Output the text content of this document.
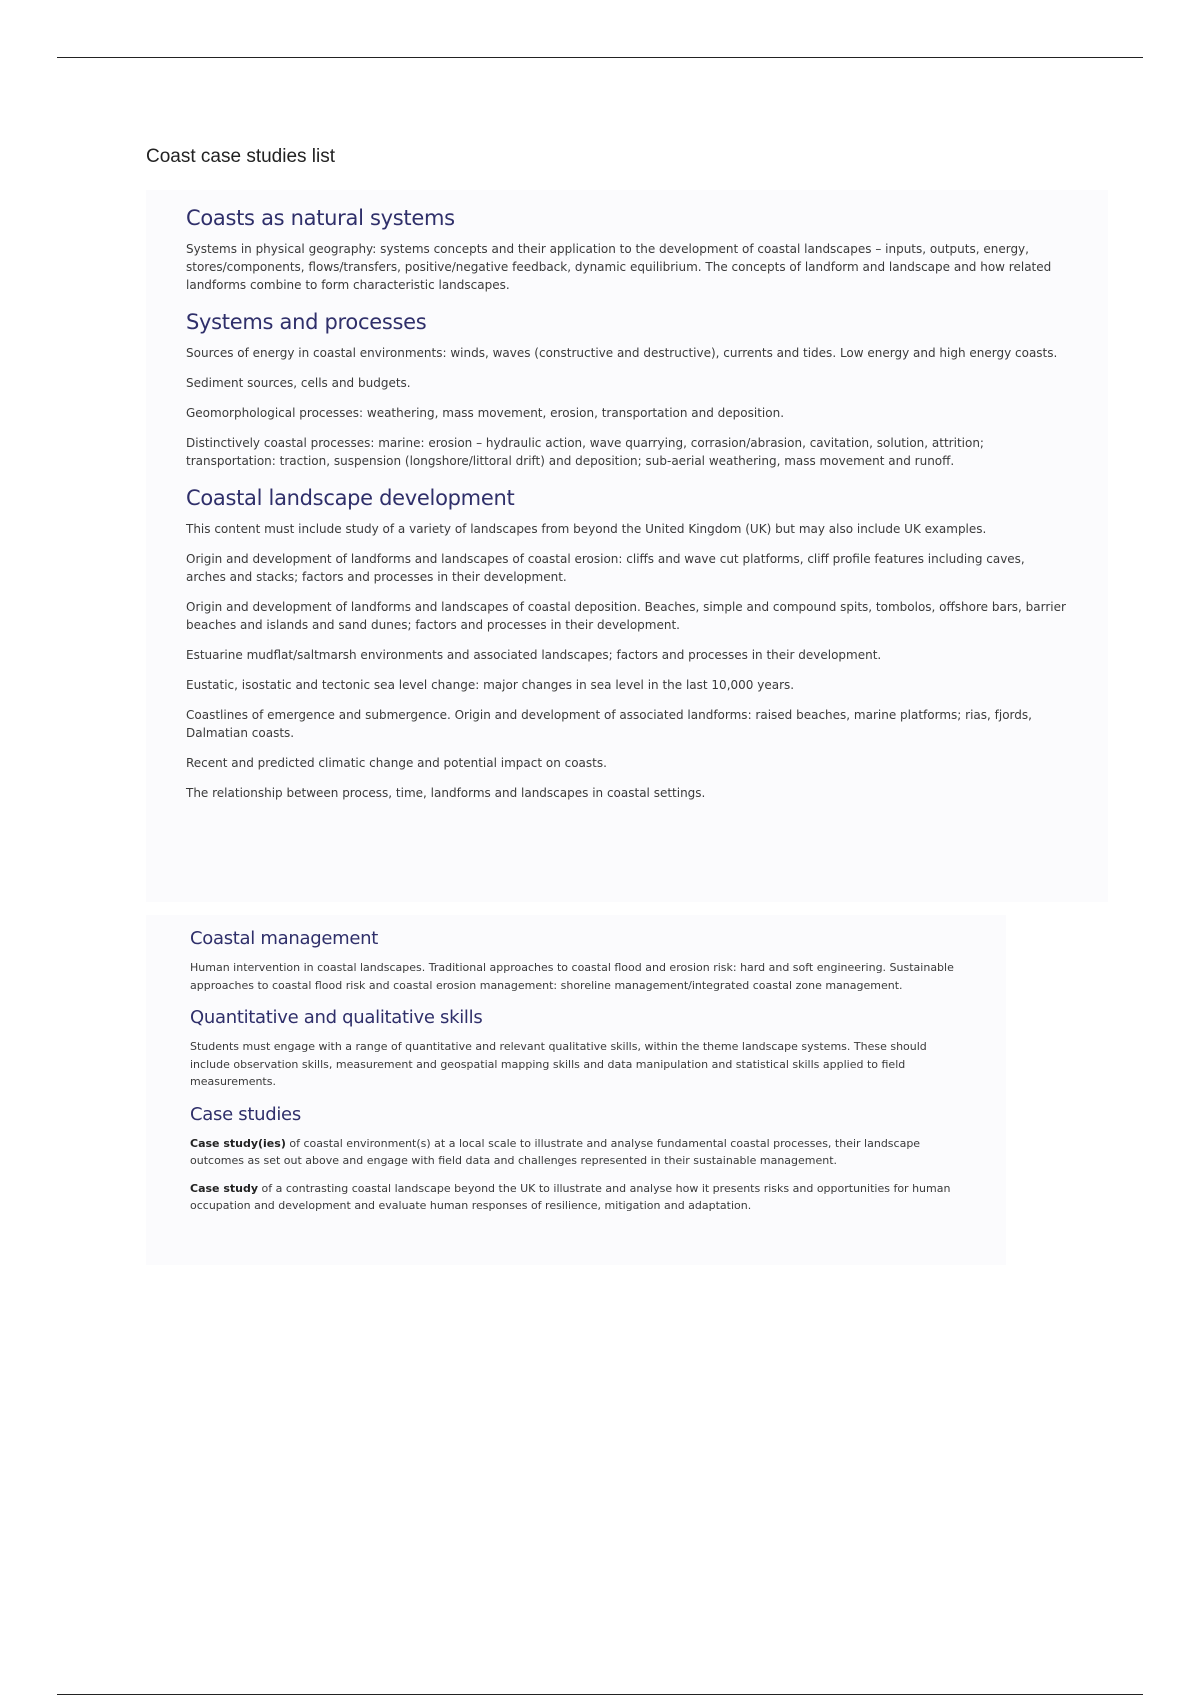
Coast case studies list
Coasts as natural systems

Systems in physical geography: systems concepts and their application to the development of coastal landscapes – inputs, outputs, energy, stores/components, flows/transfers, positive/negative feedback, dynamic equilibrium. The concepts of landform and landscape and how related landforms combine to form characteristic landscapes.

Systems and processes

Sources of energy in coastal environments: winds, waves (constructive and destructive), currents and tides. Low energy and high energy coasts.

Sediment sources, cells and budgets.

Geomorphological processes: weathering, mass movement, erosion, transportation and deposition.

Distinctively coastal processes: marine: erosion – hydraulic action, wave quarrying, corrasion/abrasion, cavitation, solution, attrition; transportation: traction, suspension (longshore/littoral drift) and deposition; sub-aerial weathering, mass movement and runoff.

Coastal landscape development

This content must include study of a variety of landscapes from beyond the United Kingdom (UK) but may also include UK examples.

Origin and development of landforms and landscapes of coastal erosion: cliffs and wave cut platforms, cliff profile features including caves, arches and stacks; factors and processes in their development.

Origin and development of landforms and landscapes of coastal deposition. Beaches, simple and compound spits, tombolos, offshore bars, barrier beaches and islands and sand dunes; factors and processes in their development.

Estuarine mudflat/saltmarsh environments and associated landscapes; factors and processes in their development.

Eustatic, isostatic and tectonic sea level change: major changes in sea level in the last 10,000 years.

Coastlines of emergence and submergence. Origin and development of associated landforms: raised beaches, marine platforms; rias, fjords, Dalmatian coasts.

Recent and predicted climatic change and potential impact on coasts.

The relationship between process, time, landforms and landscapes in coastal settings.

Coastal management

Human intervention in coastal landscapes. Traditional approaches to coastal flood and erosion risk: hard and soft engineering. Sustainable approaches to coastal flood risk and coastal erosion management: shoreline management/integrated coastal zone management.

Quantitative and qualitative skills

Students must engage with a range of quantitative and relevant qualitative skills, within the theme landscape systems. These should include observation skills, measurement and geospatial mapping skills and data manipulation and statistical skills applied to field measurements.

Case studies

Case study(ies) of coastal environment(s) at a local scale to illustrate and analyse fundamental coastal processes, their landscape outcomes as set out above and engage with field data and challenges represented in their sustainable management.

Case study of a contrasting coastal landscape beyond the UK to illustrate and analyse how it presents risks and opportunities for human occupation and development and evaluate human responses of resilience, mitigation and adaptation.
